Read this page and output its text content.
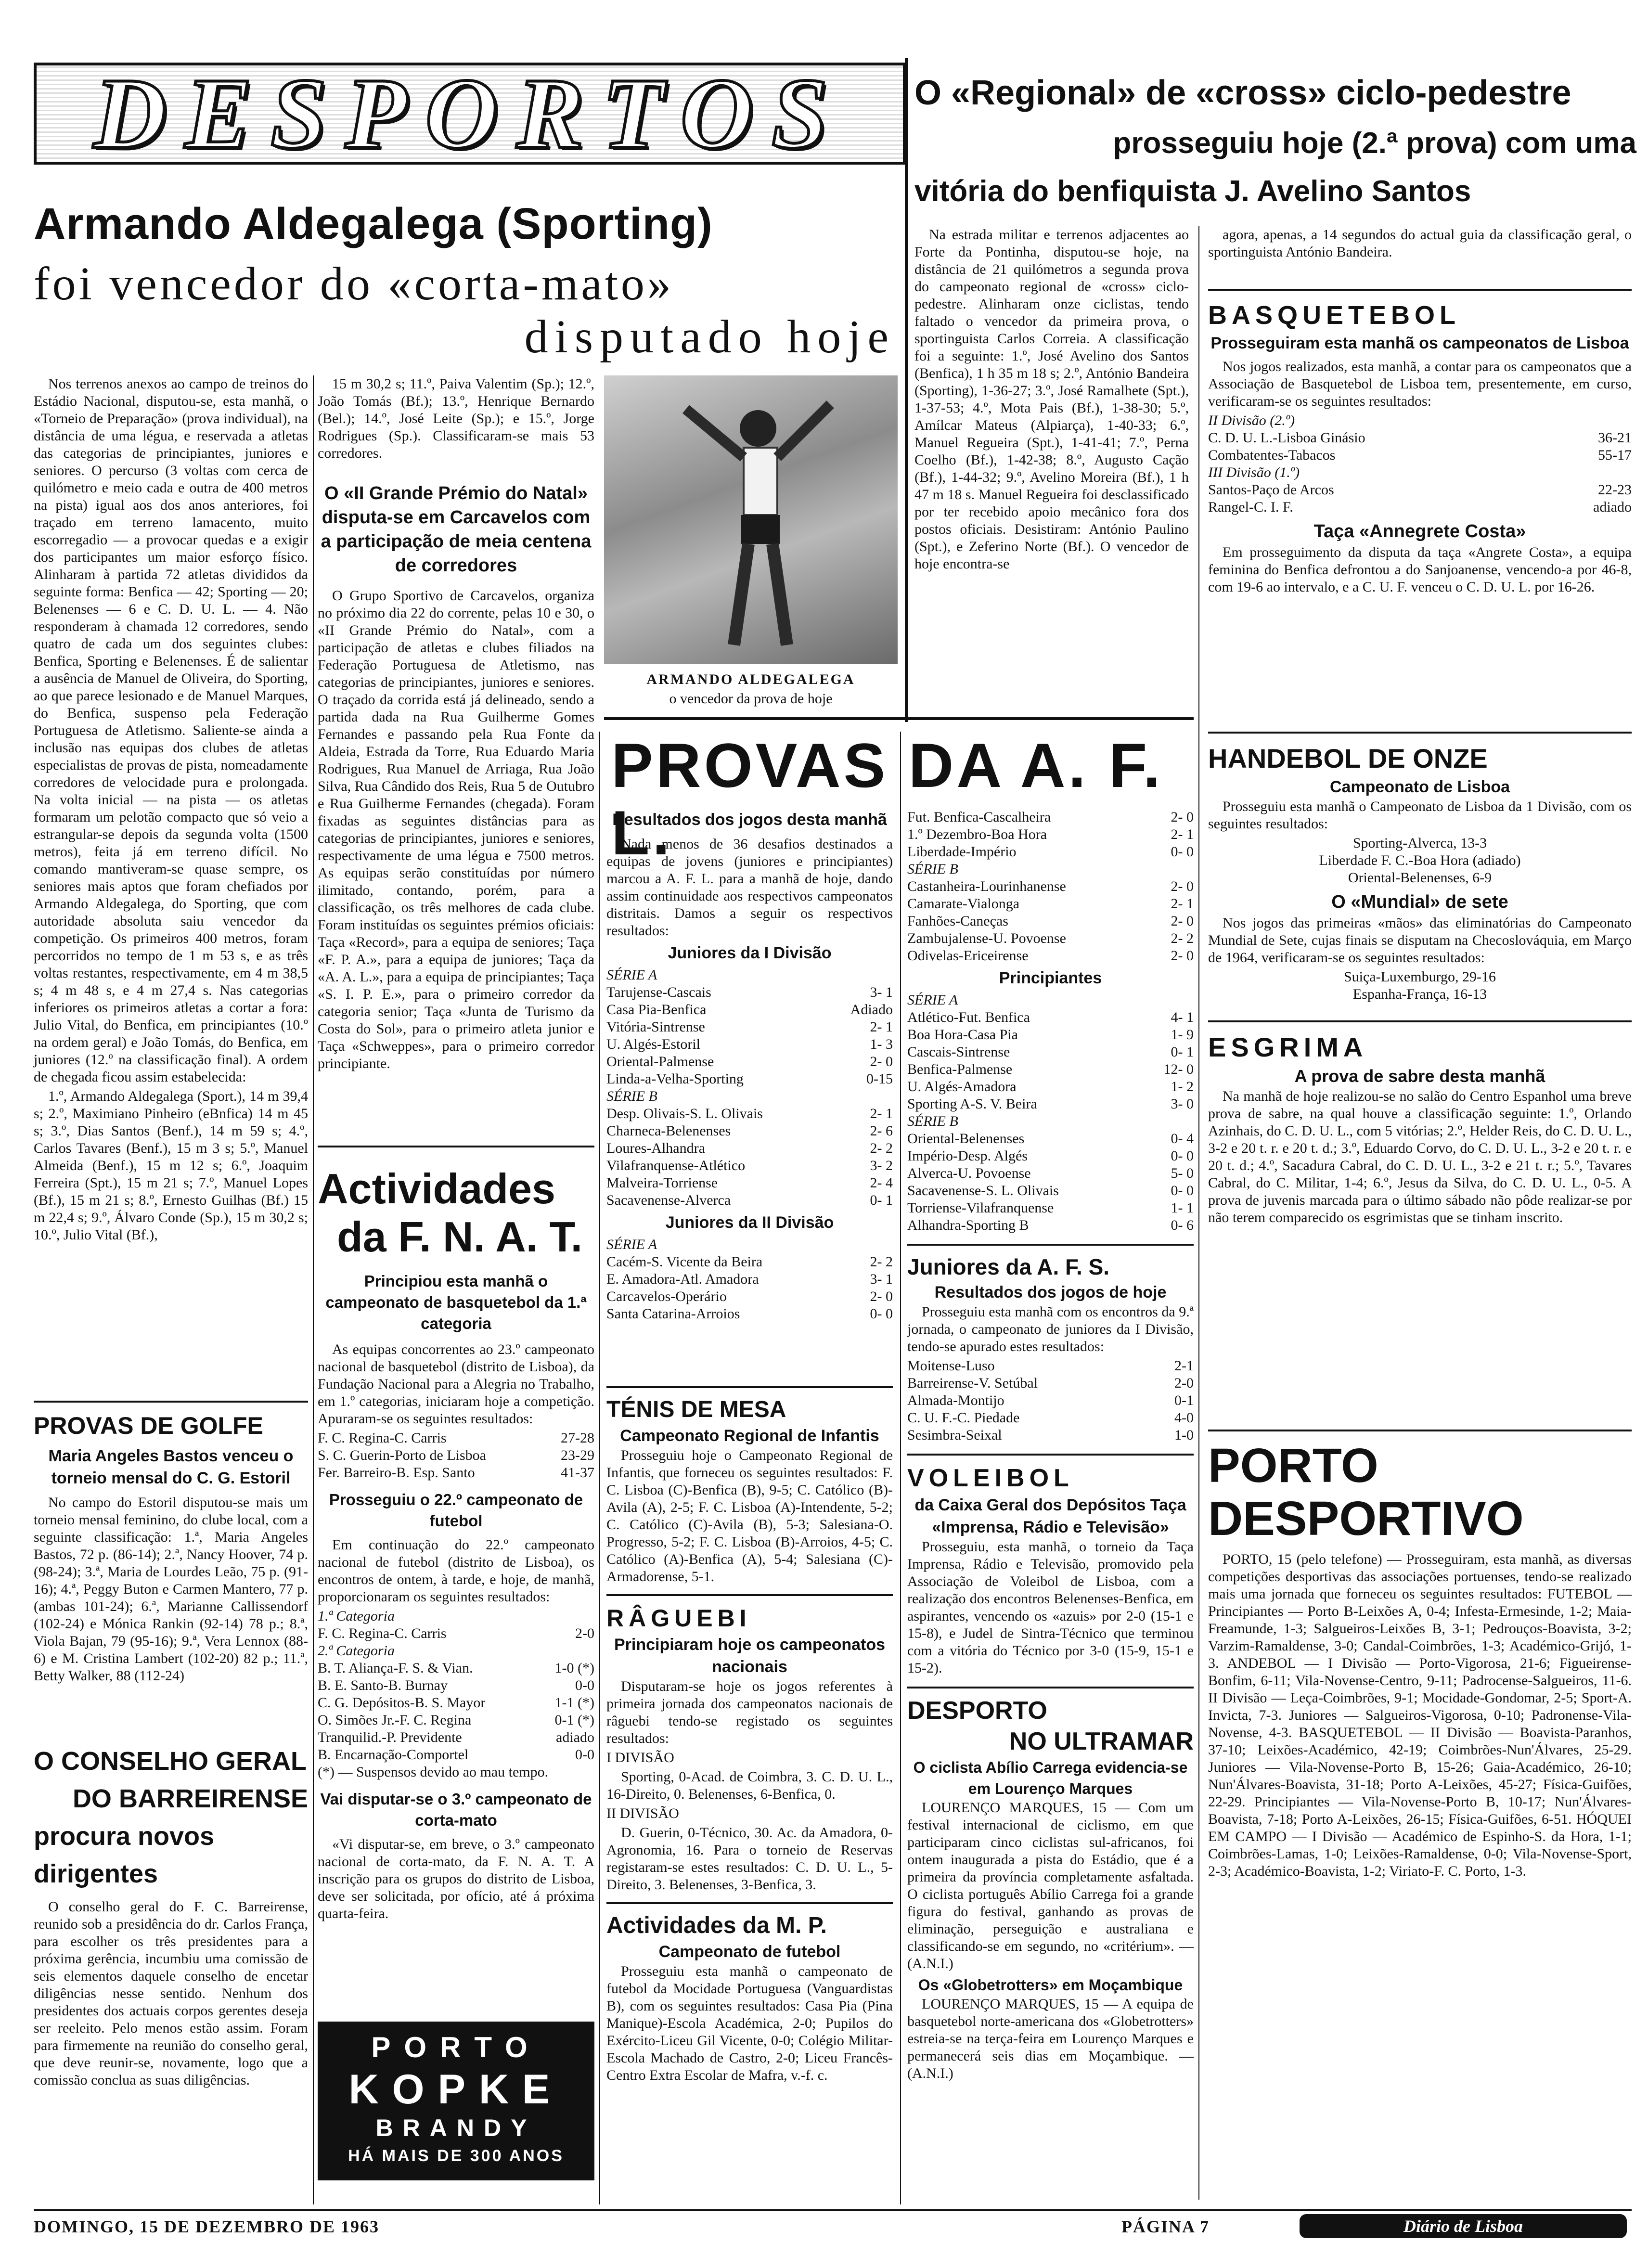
DESPORTOS
Armando Aldegalega (Sporting)
foi vencedor do «corta-mato»
disputado hoje

Nos terrenos anexos ao campo de treinos do Estádio Nacional, disputou-se, esta manhã, o «Torneio de Preparação» (prova individual), na distância de uma légua, e reservada a atletas das categorias de principiantes, juniores e seniores. O percurso (3 voltas com cerca de quilómetro e meio cada e outra de 400 metros na pista) igual aos dos anos anteriores, foi traçado em terreno lamacento, muito escorregadio — a provocar quedas e a exigir dos participantes um maior esforço físico. Alinharam à partida 72 atletas divididos da seguinte forma: Benfica — 42; Sporting — 20; Belenenses — 6 e C. D. U. L. — 4. Não responderam à chamada 12 corredores, sendo quatro de cada um dos seguintes clubes: Benfica, Sporting e Belenenses. É de salientar a ausência de Manuel de Oliveira, do Sporting, ao que parece lesionado e de Manuel Marques, do Benfica, suspenso pela Federação Portuguesa de Atletismo. Saliente-se ainda a inclusão nas equipas dos clubes de atletas especialistas de provas de pista, nomeadamente corredores de velocidade pura e prolongada. Na volta inicial — na pista — os atletas formaram um pelotão compacto que só veio a estrangular-se depois da segunda volta (1500 metros), feita já em terreno difícil. No comando mantiveram-se quase sempre, os seniores mais aptos que foram chefiados por Armando Aldegalega, do Sporting, que com autoridade absoluta saiu vencedor da competição. Os primeiros 400 metros, foram percorridos no tempo de 1 m 53 s, e as três voltas restantes, respectivamente, em 4 m 38,5 s; 4 m 48 s, e 4 m 27,4 s. Nas categorias inferiores os primeiros atletas a cortar a fora: Julio Vital, do Benfica, em principiantes (10.º na ordem geral) e João Tomás, do Benfica, em juniores (12.º na classificação final). A ordem de chegada ficou assim estabelecida:

1.º, Armando Aldegalega (Sport.), 14 m 39,4 s; 2.º, Maximiano Pinheiro (eBnfica) 14 m 45 s; 3.º, Dias Santos (Benf.), 14 m 59 s; 4.º, Carlos Tavares (Benf.), 15 m 3 s; 5.º, Manuel Almeida (Benf.), 15 m 12 s; 6.º, Joaquim Ferreira (Spt.), 15 m 21 s; 7.º, Manuel Lopes (Bf.), 15 m 21 s; 8.º, Ernesto Guilhas (Bf.) 15 m 22,4 s; 9.º, Álvaro Conde (Sp.), 15 m 30,2 s; 10.º, Julio Vital (Bf.),

15 m 30,2 s; 11.º, Paiva Valentim (Sp.); 12.º, João Tomás (Bf.); 13.º, Henrique Bernardo (Bel.); 14.º, José Leite (Sp.); e 15.º, Jorge Rodrigues (Sp.). Classificaram-se mais 53 corredores.

ARMANDO ALDEGALEGA
o vencedor da prova de hoje
O «II Grande Prémio do Natal» disputa-se em Carcavelos com a participação de meia centena de corredores

O Grupo Sportivo de Carcavelos, organiza no próximo dia 22 do corrente, pelas 10 e 30, o «II Grande Prémio do Natal», com a participação de atletas e clubes filiados na Federação Portuguesa de Atletismo, nas categorias de principiantes, juniores e seniores. O traçado da corrida está já delineado, sendo a partida dada na Rua Guilherme Gomes Fernandes e passando pela Rua Fonte da Aldeia, Estrada da Torre, Rua Eduardo Maria Rodrigues, Rua Manuel de Arriaga, Rua João Silva, Rua Cândido dos Reis, Rua 5 de Outubro e Rua Guilherme Fernandes (chegada). Foram fixadas as seguintes distâncias para as categorias de principiantes, juniores e seniores, respectivamente de uma légua e 7500 metros. As equipas serão constituídas por número ilimitado, contando, porém, para a classificação, os três melhores de cada clube. Foram instituídas os seguintes prémios oficiais: Taça «Record», para a equipa de seniores; Taça «F. P. A.», para a equipa de juniores; Taça da «A. A. L.», para a equipa de principiantes; Taça «S. I. P. E.», para o primeiro corredor da categoria senior; Taça «Junta de Turismo da Costa do Sol», para o primeiro atleta junior e Taça «Schweppes», para o primeiro corredor principiante.

Actividades
da F. N. A. T.
Principiou esta manhã o campeonato de basquetebol da 1.ª categoria

As equipas concorrentes ao 23.º campeonato nacional de basquetebol (distrito de Lisboa), da Fundação Nacional para a Alegria no Trabalho, em 1.º categorias, iniciaram hoje a competição. Apuraram-se os seguintes resultados:

F. C. Regina-C. Carris	27-28
S. C. Guerin-Porto de Lisboa	23-29
Fer. Barreiro-B. Esp. Santo	41-37
Prosseguiu o 22.º campeonato de futebol

Em continuação do 22.º campeonato nacional de futebol (distrito de Lisboa), os encontros de ontem, à tarde, e hoje, de manhã, proporcionaram os seguintes resultados:

1.ª Categoria
F. C. Regina-C. Carris	2-0
2.ª Categoria
B. T. Aliança-F. S. & Vian.	1-0 (*)
B. E. Santo-B. Burnay	0-0
C. G. Depósitos-B. S. Mayor	1-1 (*)
O. Simões Jr.-F. C. Regina	0-1 (*)
Tranquilid.-P. Previdente	adiado
B. Encarnação-Comportel	0-0
(*) — Suspensos devido ao mau tempo.
Vai disputar-se o 3.º campeonato de corta-mato

«Vi disputar-se, em breve, o 3.º campeonato nacional de corta-mato, da F. N. A. T. A inscrição para os grupos do distrito de Lisboa, deve ser solicitada, por ofício, até á próxima quarta-feira.

PORTO
KOPKE
BRANDY
HÁ MAIS DE 300 ANOS
PROVAS DE GOLFE
Maria Angeles Bastos venceu o torneio mensal do C. G. Estoril

No campo do Estoril disputou-se mais um torneio mensal feminino, do clube local, com a seguinte classificação: 1.ª, Maria Angeles Bastos, 72 p. (86-14); 2.ª, Nancy Hoover, 74 p. (98-24); 3.ª, Maria de Lourdes Leão, 75 p. (91-16); 4.ª, Peggy Buton e Carmen Mantero, 77 p. (ambas 101-24); 6.ª, Marianne Callissendorf (102-24) e Mónica Rankin (92-14) 78 p.; 8.ª, Viola Bajan, 79 (95-16); 9.ª, Vera Lennox (88-6) e M. Cristina Lambert (102-20) 82 p.; 11.ª, Betty Walker, 88 (112-24)

O CONSELHO GERAL
DO BARREIRENSE
procura novos dirigentes

O conselho geral do F. C. Barreirense, reunido sob a presidência do dr. Carlos França, para escolher os três presidentes para a próxima gerência, incumbiu uma comissão de seis elementos daquele conselho de encetar diligências nesse sentido. Nenhum dos presidentes dos actuais corpos gerentes deseja ser reeleito. Pelo menos estão assim. Foram para firmemente na reunião do conselho geral, que deve reunir-se, novamente, logo que a comissão conclua as suas diligências.

O «Regional» de «cross» ciclo-pedestre
prosseguiu hoje (2.ª prova) com uma
vitória do benfiquista J. Avelino Santos

Na estrada militar e terrenos adjacentes ao Forte da Pontinha, disputou-se hoje, na distância de 21 quilómetros a segunda prova do campeonato regional de «cross» ciclo-pedestre. Alinharam onze ciclistas, tendo faltado o vencedor da primeira prova, o sportinguista Carlos Correia. A classificação foi a seguinte: 1.º, José Avelino dos Santos (Benfica), 1 h 35 m 18 s; 2.º, António Bandeira (Sporting), 1-36-27; 3.º, José Ramalhete (Spt.), 1-37-53; 4.º, Mota Pais (Bf.), 1-38-30; 5.º, Amílcar Mateus (Alpiarça), 1-40-33; 6.º, Manuel Regueira (Spt.), 1-41-41; 7.º, Perna Coelho (Bf.), 1-42-38; 8.º, Augusto Cação (Bf.), 1-44-32; 9.º, Avelino Moreira (Bf.), 1 h 47 m 18 s. Manuel Regueira foi desclassificado por ter recebido apoio mecânico fora dos postos oficiais. Desistiram: António Paulino (Spt.), e Zeferino Norte (Bf.). O vencedor de hoje encontra-se

agora, apenas, a 14 segundos do actual guia da classificação geral, o sportinguista António Bandeira.

BASQUETEBOL
Prosseguiram esta manhã os campeonatos de Lisboa

Nos jogos realizados, esta manhã, a contar para os campeonatos que a Associação de Basquetebol de Lisboa tem, presentemente, em curso, verificaram-se os seguintes resultados:

II Divisão (2.º)
C. D. U. L.-Lisboa Ginásio	36-21
Combatentes-Tabacos	55-17
III Divisão (1.º)
Santos-Paço de Arcos	22-23
Rangel-C. I. F.	adiado
Taça «Annegrete Costa»

Em prosseguimento da disputa da taça «Angrete Costa», a equipa feminina do Benfica defrontou a do Sanjoanense, vencendo-a por 46-8, com 19-6 ao intervalo, e a C. U. F. venceu o C. D. U. L. por 16-26.

HANDEBOL DE ONZE
Campeonato de Lisboa

Prosseguiu esta manhã o Campeonato de Lisboa da 1 Divisão, com os seguintes resultados:

Sporting-Alverca, 13-3
Liberdade F. C.-Boa Hora (adiado)
Oriental-Belenenses, 6-9
O «Mundial» de sete

Nos jogos das primeiras «mãos» das eliminatórias do Campeonato Mundial de Sete, cujas finais se disputam na Checoslováquia, em Março de 1964, verificaram-se os seguintes resultados:

Suiça-Luxemburgo, 29-16
Espanha-França, 16-13
ESGRIMA
A prova de sabre desta manhã

Na manhã de hoje realizou-se no salão do Centro Espanhol uma breve prova de sabre, na qual houve a classificação seguinte: 1.º, Orlando Azinhais, do C. D. U. L., com 5 vitórias; 2.º, Helder Reis, do C. D. U. L., 3-2 e 20 t. r. e 20 t. d.; 3.º, Eduardo Corvo, do C. D. U. L., 3-2 e 20 t. r. e 20 t. d.; 4.º, Sacadura Cabral, do C. D. U. L., 3-2 e 21 t. r.; 5.º, Tavares Cabral, do C. Militar, 1-4; 6.º, Jesus da Silva, do C. D. U. L., 0-5. A prova de juvenis marcada para o último sábado não pôde realizar-se por não terem comparecido os esgrimistas que se tinham inscrito.

PORTO
DESPORTIVO

PORTO, 15 (pelo telefone) — Prosseguiram, esta manhã, as diversas competições desportivas das associações portuenses, tendo-se realizado mais uma jornada que forneceu os seguintes resultados: FUTEBOL — Principiantes — Porto B-Leixões A, 0-4; Infesta-Ermesinde, 1-2; Maia-Freamunde, 1-3; Salgueiros-Leixões B, 3-1; Pedrouços-Boavista, 3-2; Varzim-Ramaldense, 3-0; Candal-Coimbrões, 1-3; Académico-Grijó, 1-3. ANDEBOL — I Divisão — Porto-Vigorosa, 21-6; Figueirense-Bonfim, 6-11; Vila-Novense-Centro, 9-11; Padrocense-Salgueiros, 11-6. II Divisão — Leça-Coimbrões, 9-1; Mocidade-Gondomar, 2-5; Sport-A. Invicta, 7-3. Juniores — Salgueiros-Vigorosa, 0-10; Padronense-Vila-Novense, 4-3. BASQUETEBOL — II Divisão — Boavista-Paranhos, 37-10; Leixões-Académico, 42-19; Coimbrões-Nun'Álvares, 25-29. Juniores — Vila-Novense-Porto B, 15-26; Gaia-Académico, 26-10; Nun'Álvares-Boavista, 31-18; Porto A-Leixões, 45-27; Física-Guifões, 22-29. Principiantes — Vila-Novense-Porto B, 10-17; Nun'Álvares-Boavista, 7-18; Porto A-Leixões, 26-15; Física-Guifões, 6-51. HÓQUEI EM CAMPO — I Divisão — Académico de Espinho-S. da Hora, 1-1; Coimbrões-Lamas, 1-0; Leixões-Ramaldense, 0-0; Vila-Novense-Sport, 2-3; Académico-Boavista, 1-2; Viriato-F. C. Porto, 1-3.

PROVAS DA A. F. L.
Resultados dos jogos desta manhã

Nada menos de 36 desafios destinados a equipas de jovens (juniores e principiantes) marcou a A. F. L. para a manhã de hoje, dando assim continuidade aos respectivos campeonatos distritais. Damos a seguir os respectivos resultados:

Juniores da I Divisão
SÉRIE A
Tarujense-Cascais	3- 1
Casa Pia-Benfica	Adiado
Vitória-Sintrense	2- 1
U. Algés-Estoril	1- 3
Oriental-Palmense	2- 0
Linda-a-Velha-Sporting	0-15
SÉRIE B
Desp. Olivais-S. L. Olivais	2- 1
Charneca-Belenenses	2- 6
Loures-Alhandra	2- 2
Vilafranquense-Atlético	3- 2
Malveira-Torriense	2- 4
Sacavenense-Alverca	0- 1
Juniores da II Divisão
SÉRIE A
Cacém-S. Vicente da Beira	2- 2
E. Amadora-Atl. Amadora	3- 1
Carcavelos-Operário	2- 0
Santa Catarina-Arroios	0- 0
Fut. Benfica-Cascalheira	2- 0
1.º Dezembro-Boa Hora	2- 1
Liberdade-Império	0- 0
SÉRIE B
Castanheira-Lourinhanense	2- 0
Camarate-Vialonga	2- 1
Fanhões-Caneças	2- 0
Zambujalense-U. Povoense	2- 2
Odivelas-Ericeirense	2- 0
Principiantes
SÉRIE A
Atlético-Fut. Benfica	4- 1
Boa Hora-Casa Pia	1- 9
Cascais-Sintrense	0- 1
Benfica-Palmense	12- 0
U. Algés-Amadora	1- 2
Sporting A-S. V. Beira	3- 0
SÉRIE B
Oriental-Belenenses	0- 4
Império-Desp. Algés	0- 0
Alverca-U. Povoense	5- 0
Sacavenense-S. L. Olivais	0- 0
Torriense-Vilafranquense	1- 1
Alhandra-Sporting B	0- 6
Juniores da A. F. S.
Resultados dos jogos de hoje

Prosseguiu esta manhã com os encontros da 9.ª jornada, o campeonato de juniores da I Divisão, tendo-se apurado estes resultados:

Moitense-Luso	2-1
Barreirense-V. Setúbal	2-0
Almada-Montijo	0-1
C. U. F.-C. Piedade	4-0
Sesimbra-Seixal	1-0
VOLEIBOL
da Caixa Geral dos Depósitos Taça «Imprensa, Rádio e Televisão»

Prosseguiu, esta manhã, o torneio da Taça Imprensa, Rádio e Televisão, promovido pela Associação de Voleibol de Lisboa, com a realização dos encontros Belenenses-Benfica, em aspirantes, vencendo os «azuis» por 2-0 (15-1 e 15-8), e Judel de Sintra-Técnico que terminou com a vitória do Técnico por 3-0 (15-9, 15-1 e 15-2).

DESPORTO
NO ULTRAMAR
O ciclista Abílio Carrega evidencia-se em Lourenço Marques

LOURENÇO MARQUES, 15 — Com um festival internacional de ciclismo, em que participaram cinco ciclistas sul-africanos, foi ontem inaugurada a pista do Estádio, que é a primeira da província completamente asfaltada. O ciclista português Abílio Carrega foi a grande figura do festival, ganhando as provas de eliminação, perseguição e australiana e classificando-se em segundo, no «critérium». — (A.N.I.)

Os «Globetrotters» em Moçambique

LOURENÇO MARQUES, 15 — A equipa de basquetebol norte-americana dos «Globetrotters» estreia-se na terça-feira em Lourenço Marques e permanecerá seis dias em Moçambique. — (A.N.I.)

TÉNIS DE MESA
Campeonato Regional de Infantis

Prosseguiu hoje o Campeonato Regional de Infantis, que forneceu os seguintes resultados: F. C. Lisboa (C)-Benfica (B), 9-5; C. Católico (B)-Avila (A), 2-5; F. C. Lisboa (A)-Intendente, 5-2; C. Católico (C)-Avila (B), 5-3; Salesiana-O. Progresso, 5-2; F. C. Lisboa (B)-Arroios, 4-5; C. Católico (A)-Benfica (A), 5-4; Salesiana (C)-Armadorense, 5-1.

RÂGUEBI
Principiaram hoje os campeonatos nacionais

Disputaram-se hoje os jogos referentes à primeira jornada dos campeonatos nacionais de râguebi tendo-se registado os seguintes resultados:

I DIVISÃO

Sporting, 0-Acad. de Coimbra, 3. C. D. U. L., 16-Direito, 0. Belenenses, 6-Benfica, 0.

II DIVISÃO

D. Guerin, 0-Técnico, 30. Ac. da Amadora, 0-Agronomia, 16. Para o torneio de Reservas registaram-se estes resultados: C. D. U. L., 5-Direito, 3. Belenenses, 3-Benfica, 3.

Actividades da M. P.
Campeonato de futebol

Prosseguiu esta manhã o campeonato de futebol da Mocidade Portuguesa (Vanguardistas B), com os seguintes resultados: Casa Pia (Pina Manique)-Escola Académica, 2-0; Pupilos do Exército-Liceu Gil Vicente, 0-0; Colégio Militar-Escola Machado de Castro, 2-0; Liceu Francês-Centro Extra Escolar de Mafra, v.-f. c.

DOMINGO, 15 DE DEZEMBRO DE 1963	PÁGINA 7	Diário de Lisboa
